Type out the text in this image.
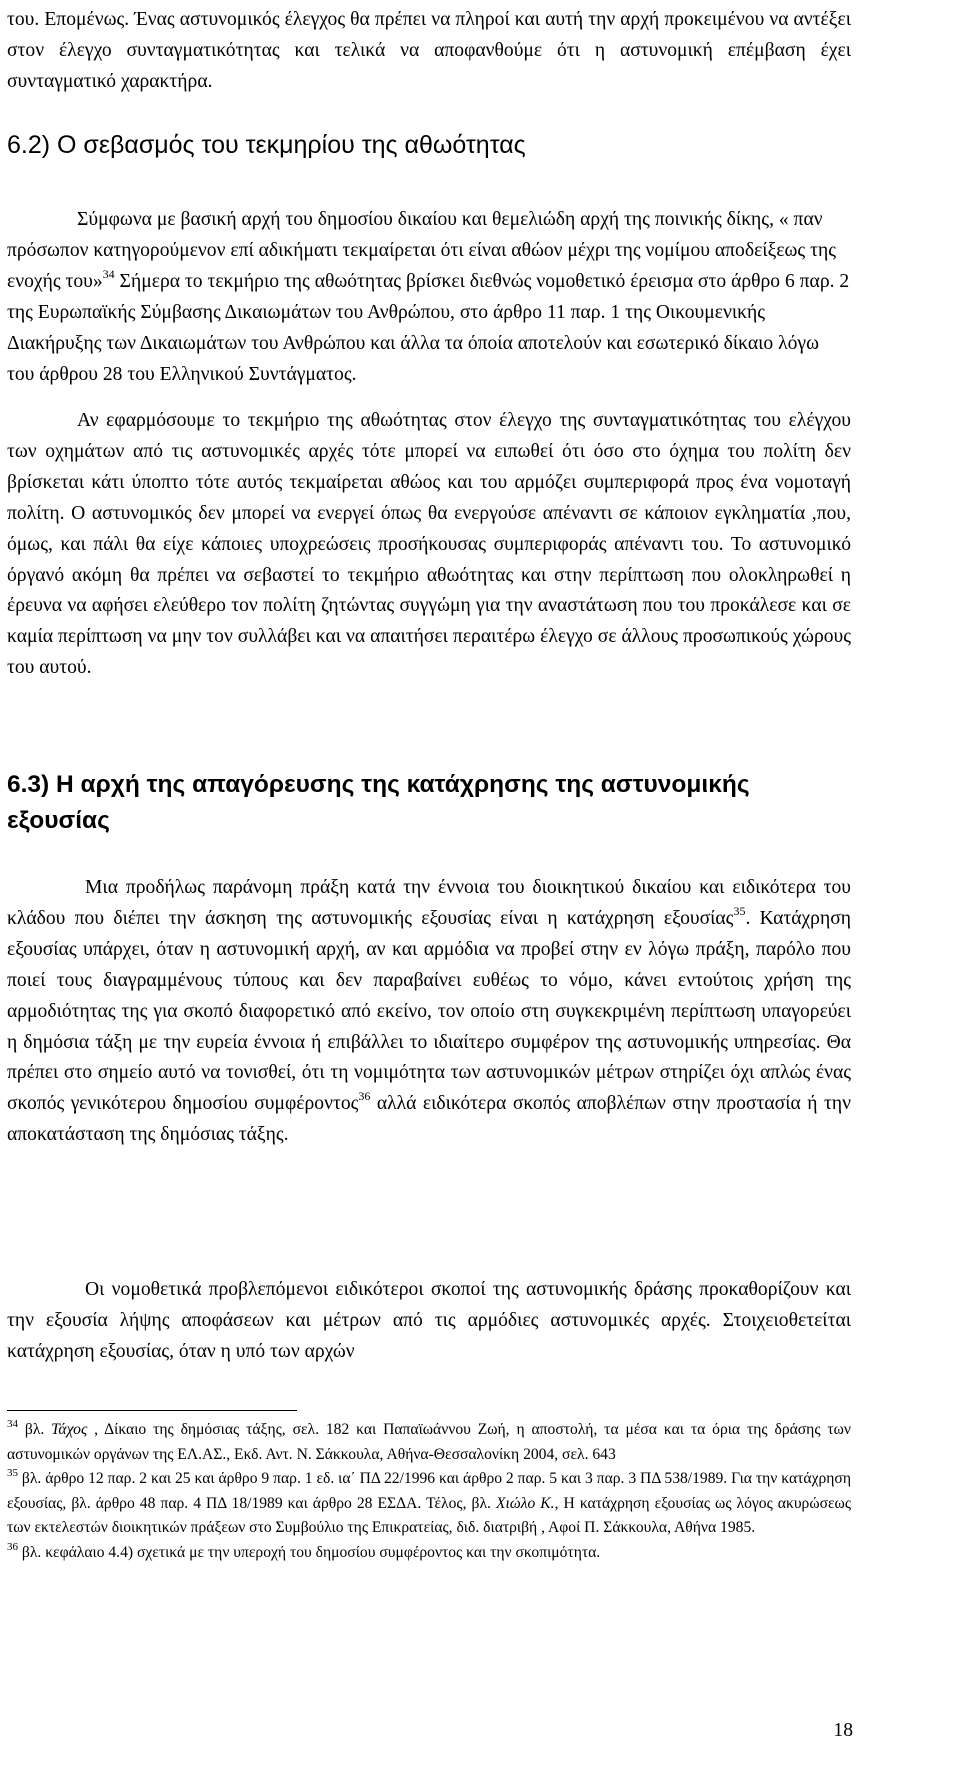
του. Επομένως. Ένας αστυνομικός έλεγχος θα πρέπει να πληροί και αυτή την αρχή προκειμένου να αντέξει στον έλεγχο συνταγματικότητας και τελικά να αποφανθούμε ότι η αστυνομική επέμβαση έχει συνταγματικό χαρακτήρα.

6.2) Ο σεβασμός του τεκμηρίου της αθωότητας

Σύμφωνα με βασική αρχή του δημοσίου δικαίου και θεμελιώδη αρχή της ποινικής δίκης, « παν πρόσωπον κατηγορούμενον επί αδικήματι τεκμαίρεται ότι είναι αθώον μέχρι της νομίμου αποδείξεως της ενοχής του»$^{34}$ Σήμερα το τεκμήριο της αθωότητας βρίσκει διεθνώς νομοθετικό έρεισμα στο άρθρο 6 παρ. 2 της Ευρωπαϊκής Σύμβασης Δικαιωμάτων του Ανθρώπου, στο άρθρο 11 παρ. 1 της Οικουμενικής Διακήρυξης των Δικαιωμάτων του Ανθρώπου και άλλα τα όποία αποτελούν και εσωτερικό δίκαιο λόγω του άρθρου 28 του Ελληνικού Συντάγματος.

Αν εφαρμόσουμε το τεκμήριο της αθωότητας στον έλεγχο της συνταγματικότητας του ελέγχου των οχημάτων από τις αστυνομικές αρχές τότε μπορεί να ειπωθεί ότι όσο στο όχημα του πολίτη δεν βρίσκεται κάτι ύποπτο τότε αυτός τεκμαίρεται αθώος και του αρμόζει συμπεριφορά προς ένα νομοταγή πολίτη. Ο αστυνομικός δεν μπορεί να ενεργεί όπως θα ενεργούσε απέναντι σε κάποιον εγκληματία ,που, όμως, και πάλι θα είχε κάποιες υποχρεώσεις προσήκουσας συμπεριφοράς απέναντι του. Το αστυνομικό όργανό ακόμη θα πρέπει να σεβαστεί το τεκμήριο αθωότητας και στην περίπτωση που ολοκληρωθεί η έρευνα να αφήσει ελεύθερο τον πολίτη ζητώντας συγγώμη για την αναστάτωση που του προκάλεσε και σε καμία περίπτωση να μην τον συλλάβει και να απαιτήσει περαιτέρω έλεγχο σε άλλους προσωπικούς χώρους του αυτού.

6.3) Η αρχή της απαγόρευσης της κατάχρησης της αστυνομικής εξουσίας

Μια προδήλως παράνομη πράξη κατά την έννοια του διοικητικού δικαίου και ειδικότερα του κλάδου που διέπει την άσκηση της αστυνομικής εξουσίας είναι η κατάχρηση εξουσίας$^{35}$. Κατάχρηση εξουσίας υπάρχει, όταν η αστυνομική αρχή, αν και αρμόδια να προβεί στην εν λόγω πράξη, παρόλο που ποιεί τους διαγραμμένους τύπους και δεν παραβαίνει ευθέως το νόμο, κάνει εντούτοις χρήση της αρμοδιότητας της για σκοπό διαφορετικό από εκείνο, τον οποίο στη συγκεκριμένη περίπτωση υπαγορεύει η δημόσια τάξη με την ευρεία έννοια ή επιβάλλει το ιδιαίτερο συμφέρον της αστυνομικής υπηρεσίας. Θα πρέπει στο σημείο αυτό να τονισθεί, ότι τη νομιμότητα των αστυνομικών μέτρων στηρίζει όχι απλώς ένας σκοπός γενικότερου δημοσίου συμφέροντος$^{36}$ αλλά ειδικότερα σκοπός αποβλέπων στην προστασία ή την αποκατάσταση της δημόσιας τάξης.

Οι νομοθετικά προβλεπόμενοι ειδικότεροι σκοποί της αστυνομικής δράσης προκαθορίζουν και την εξουσία λήψης αποφάσεων και μέτρων από τις αρμόδιες αστυνομικές αρχές. Στοιχειοθετείται κατάχρηση εξουσίας, όταν η υπό των αρχών

$^{34}$ βλ. Τάχος , Δίκαιο της δημόσιας τάξης, σελ. 182 και Παπαϊωάννου Ζωή, η αποστολή, τα μέσα και τα όρια της δράσης των αστυνομικών οργάνων της ΕΛ.ΑΣ., Εκδ. Αντ. Ν. Σάκκουλα, Αθήνα-Θεσσαλονίκη 2004, σελ. 643

$^{35}$ βλ. άρθρο 12 παρ. 2 και 25 και άρθρο 9 παρ. 1 εδ. ια΄ ΠΔ 22/1996 και άρθρο 2 παρ. 5 και 3 παρ. 3 ΠΔ 538/1989. Για την κατάχρηση εξουσίας, βλ. άρθρο 48 παρ. 4 ΠΔ 18/1989 και άρθρο 28 ΕΣΔΑ. Τέλος, βλ. Χιώλο Κ., Η κατάχρηση εξουσίας ως λόγος ακυρώσεως των εκτελεστών διοικητικών πράξεων στο Συμβούλιο της Επικρατείας, διδ. διατριβή , Αφοί Π. Σάκκουλα, Αθήνα 1985.

$^{36}$ βλ. κεφάλαιο 4.4) σχετικά με την υπεροχή του δημοσίου συμφέροντος και την σκοπιμότητα.

18
